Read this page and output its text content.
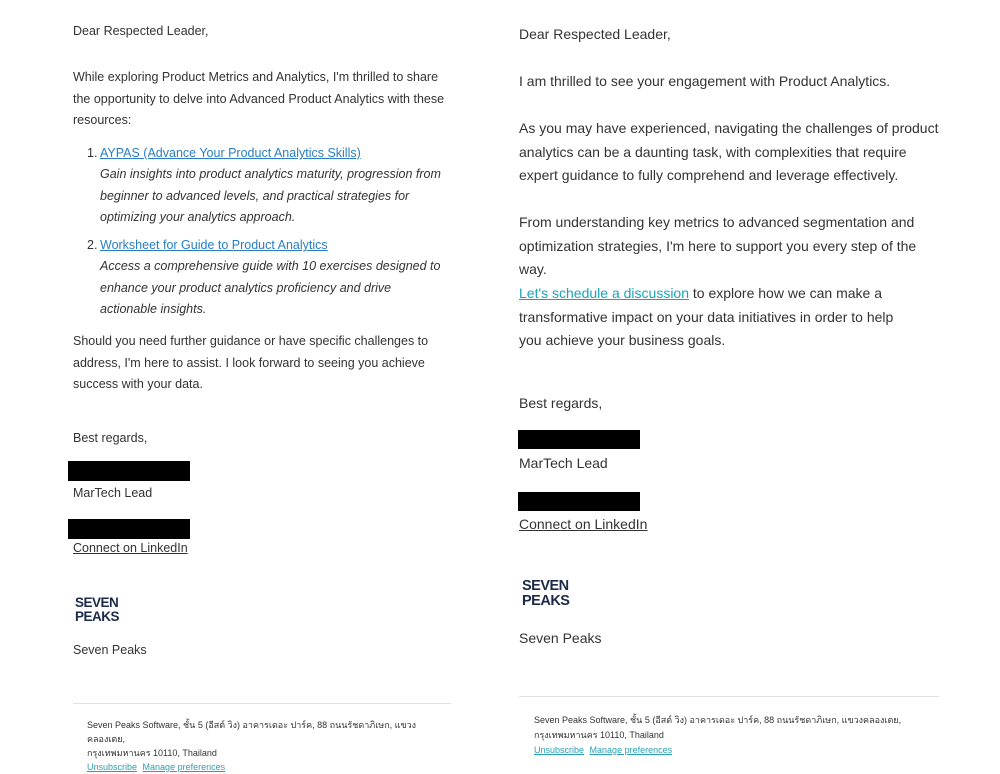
Dear Respected Leader,

While exploring Product Metrics and Analytics, I'm thrilled to share the opportunity to delve into Advanced Product Analytics with these resources:

1. AYPAS (Advance Your Product Analytics Skills)
Gain insights into product analytics maturity, progression from beginner to advanced levels, and practical strategies for optimizing your analytics approach.
2. Worksheet for Guide to Product Analytics
Access a comprehensive guide with 10 exercises designed to enhance your product analytics proficiency and drive actionable insights.

Should you need further guidance or have specific challenges to address, I'm here to assist. I look forward to seeing you achieve success with your data.

Best regards,

MarTech Lead

Connect on LinkedIn
SEVEN
PEAKS

Seven Peaks

Seven Peaks Software, ชั้น 5 (อีสต์ วิง) อาคารเดอะ ปาร์ค, 88 ถนนรัชดาภิเษก, แขวงคลองเตย,
กรุงเทพมหานคร 10110, Thailand
Unsubscribe Manage preferences

Dear Respected Leader,

I am thrilled to see your engagement with Product Analytics.

As you may have experienced, navigating the challenges of product analytics can be a daunting task, with complexities that require expert guidance to fully comprehend and leverage effectively.

From understanding key metrics to advanced segmentation and optimization strategies, I'm here to support you every step of the way.

Let's schedule a discussion to explore how we can make a transformative impact on your data initiatives in order to help you achieve your business goals.

Best regards,

MarTech Lead

Connect on LinkedIn
SEVEN
PEAKS

Seven Peaks

Seven Peaks Software, ชั้น 5 (อีสต์ วิง) อาคารเดอะ ปาร์ค, 88 ถนนรัชดาภิเษก, แขวงคลองเตย,
กรุงเทพมหานคร 10110, Thailand
Unsubscribe Manage preferences
